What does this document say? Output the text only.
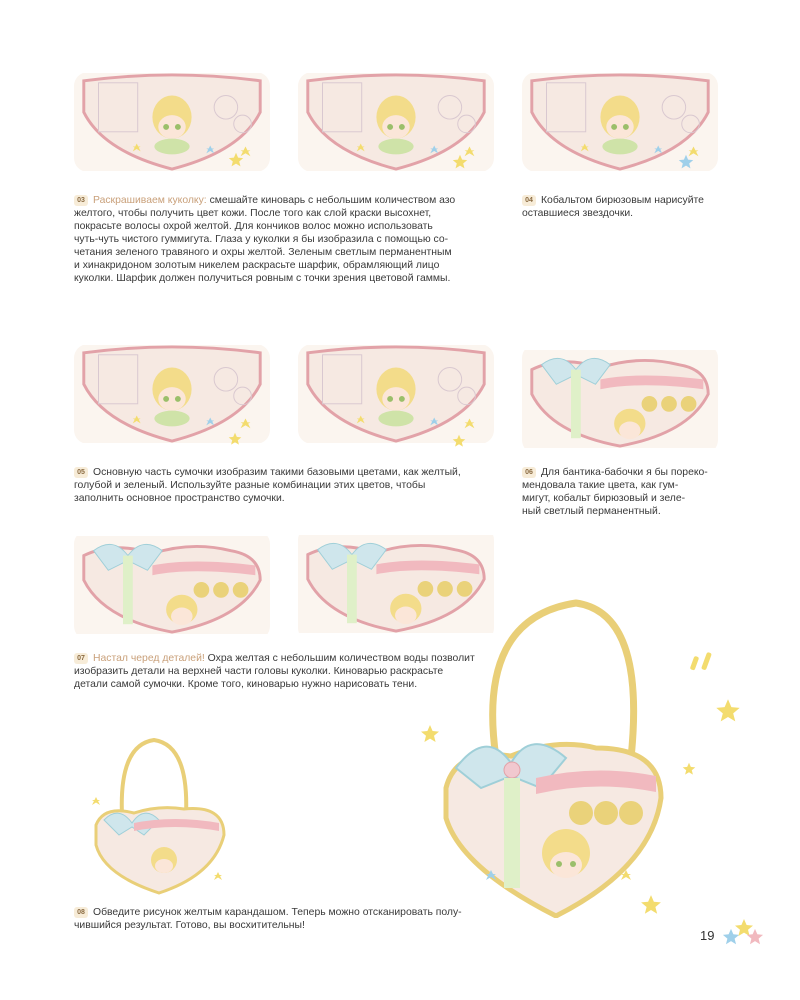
03 Раскрашиваем куколку: смешайте киноварь с небольшим количеством азо
желтого, чтобы получить цвет кожи. После того как слой краски высохнет,
покрасьте волосы охрой желтой. Для кончиков волос можно использовать
чуть-чуть чистого гуммигута. Глаза у куколки я бы изобразила с помощью со-
четания зеленого травяного и охры желтой. Зеленым светлым перманентным
и хинакридоном золотым никелем раскрасьте шарфик, обрамляющий лицо
куколки. Шарфик должен получиться ровным с точки зрения цветовой гаммы.
04 Кобальтом бирюзовым нарисуйте
оставшиеся звездочки.
05 Основную часть сумочки изобразим такими базовыми цветами, как желтый,
голубой и зеленый. Используйте разные комбинации этих цветов, чтобы
заполнить основное пространство сумочки.
06 Для бантика-бабочки я бы пореко-
мендовала такие цвета, как гум-
мигут, кобальт бирюзовый и зеле-
ный светлый перманентный.
07 Настал черед деталей! Охра желтая с небольшим количеством воды позволит
изобразить детали на верхней части головы куколки. Киноварью раскрасьте
детали самой сумочки. Кроме того, киноварью нужно нарисовать тени.
08 Обведите рисунок желтым карандашом. Теперь можно отсканировать полу-
чившийся результат. Готово, вы восхитительны!
19
